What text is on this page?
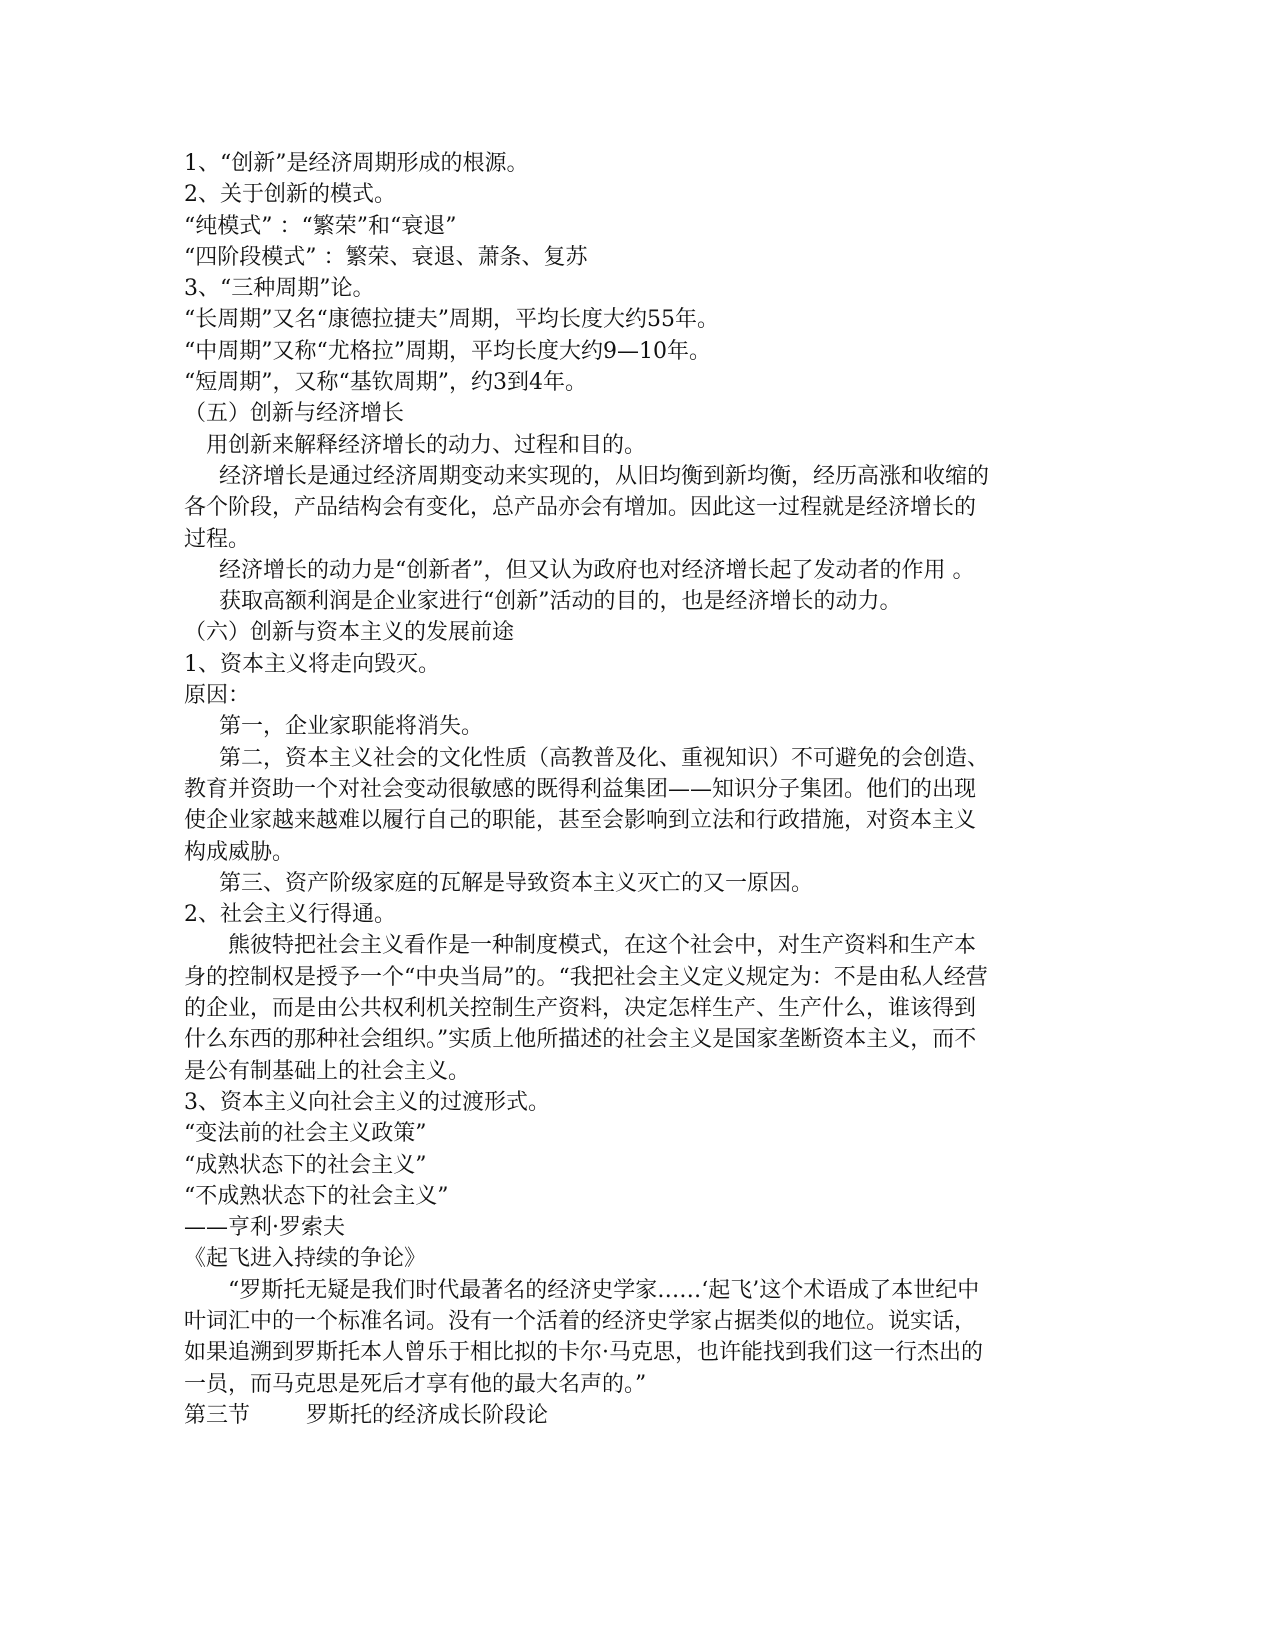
1、“创新”是经济周期形成的根源。
2、关于创新的模式。
“纯模式” ：“繁荣”和“衰退”
“四阶段模式” ：繁荣、衰退、萧条、复苏
3、“三种周期”论。
“长周期”又名“康德拉捷夫”周期，平均长度大约55年。
“中周期”又称“尤格拉”周期，平均长度大约9—10年。
“短周期”，又称“基钦周期”，约3到4年。
（五）创新与经济增长
用创新来解释经济增长的动力、过程和目的。
经济增长是通过经济周期变动来实现的，从旧均衡到新均衡，经历高涨和收缩的
各个阶段，产品结构会有变化，总产品亦会有增加。因此这一过程就是经济增长的
过程。
经济增长的动力是“创新者”，但又认为政府也对经济增长起了发动者的作用 。
获取高额利润是企业家进行“创新”活动的目的，也是经济增长的动力。
（六）创新与资本主义的发展前途
1、资本主义将走向毁灭。
原因：
第一，企业家职能将消失。
第二，资本主义社会的文化性质（高教普及化、重视知识）不可避免的会创造、
教育并资助一个对社会变动很敏感的既得利益集团——知识分子集团。他们的出现
使企业家越来越难以履行自己的职能，甚至会影响到立法和行政措施，对资本主义
构成威胁。
第三、资产阶级家庭的瓦解是导致资本主义灭亡的又一原因。
2、社会主义行得通。
熊彼特把社会主义看作是一种制度模式，在这个社会中，对生产资料和生产本
身的控制权是授予一个“中央当局”的。“我把社会主义定义规定为：不是由私人经营
的企业，而是由公共权利机关控制生产资料，决定怎样生产、生产什么，谁该得到
什么东西的那种社会组织。”实质上他所描述的社会主义是国家垄断资本主义，而不
是公有制基础上的社会主义。
3、资本主义向社会主义的过渡形式。
“变法前的社会主义政策”
“成熟状态下的社会主义”
“不成熟状态下的社会主义”
——亨利·罗索夫
《起飞进入持续的争论》
“罗斯托无疑是我们时代最著名的经济史学家……‘起飞’这个术语成了本世纪中
叶词汇中的一个标准名词。没有一个活着的经济史学家占据类似的地位。说实话，
如果追溯到罗斯托本人曾乐于相比拟的卡尔·马克思，也许能找到我们这一行杰出的
一员，而马克思是死后才享有他的最大名声的。”
第三节        罗斯托的经济成长阶段论
